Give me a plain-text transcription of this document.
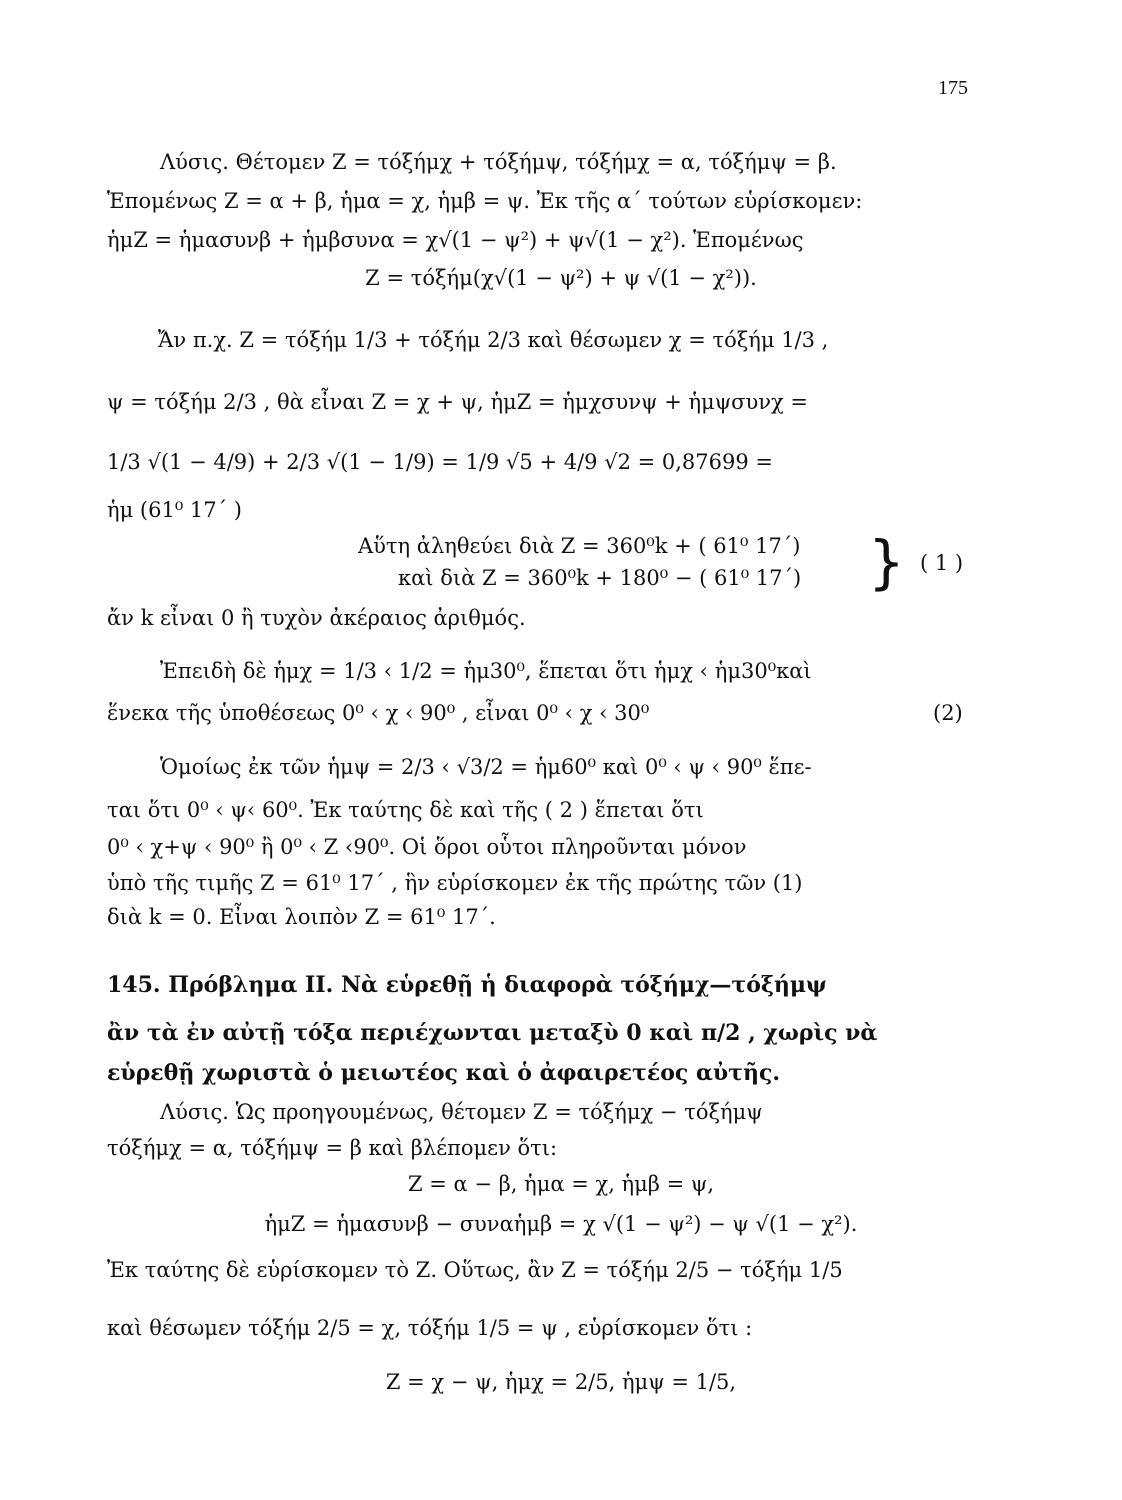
175
Λύσις. Θέτομεν Ζ = τόξήμχ + τόξήμψ, τόξήμχ = α, τόξήμψ = β.
Ἑπομένως Ζ = α + β, ἡμα = χ, ἡμβ = ψ. Ἐκ τῆς α΄ τούτων εὑρίσκομεν:
ἡμΖ = ἡμασυνβ + ἡμβσυνα = χ√(1 − ψ²) + ψ√(1 − χ²). Ἑπομένως
Ζ = τόξήμ(χ√(1 − ψ²) + ψ √(1 − χ²)).
Ἄν π.χ. Ζ = τόξήμ 1/3 + τόξήμ 2/3 καὶ θέσωμεν χ = τόξήμ 1/3 ,
ψ = τόξήμ 2/3 , θὰ εἶναι Ζ = χ + ψ, ἡμΖ = ἡμχσυνψ + ἡμψσυνχ =
1/3 √(1 − 4/9) + 2/3 √(1 − 1/9) = 1/9 √5 + 4/9 √2 = 0,87699 =
ἡμ (61⁰ 17΄ )
Αὕτη ἀληθεύει διὰ Ζ = 360⁰k + ( 61⁰ 17΄)
καὶ διὰ Ζ = 360⁰k + 180⁰ − ( 61⁰ 17΄) } ( 1 )
ἄν k εἶναι 0 ἢ τυχὸν ἀκέραιος ἀριθμός.
Ἐπειδὴ δὲ ἡμχ = 1/3 ‹ 1/2 = ἡμ30⁰, ἕπεται ὅτι ἡμχ ‹ ἡμ30⁰καὶ
ἕνεκα τῆς ὑποθέσεως 0⁰ ‹ χ ‹ 90⁰ , εἶναι 0⁰ ‹ χ ‹ 30⁰	(2)
Ὁμοίως ἐκ τῶν ἡμψ = 2/3 ‹ √3/2 = ἡμ60⁰ καὶ 0⁰ ‹ ψ ‹ 90⁰ ἕπε-
ται ὅτι 0⁰ ‹ ψ‹ 60⁰. Ἐκ ταύτης δὲ καὶ τῆς ( 2 ) ἕπεται ὅτι
0⁰ ‹ χ+ψ ‹ 90⁰ ἢ 0⁰ ‹ Ζ ‹90⁰. Οἱ ὅροι οὗτοι πληροῦνται μόνον
ὑπὸ τῆς τιμῆς Ζ = 61⁰ 17΄ , ἣν εὑρίσκομεν ἐκ τῆς πρώτης τῶν (1)
διὰ k = 0. Εἶναι λοιπὸν Ζ = 61⁰ 17΄.
145. Πρόβλημα ΙΙ. Νὰ εὑρεθῇ ἡ διαφορὰ τόξήμχ—τόξήμψ
ἂν τὰ ἐν αὐτῇ τόξα περιέχωνται μεταξὺ 0 καὶ π/2 , χωρὶς νὰ
εὑρεθῇ χωριστὰ ὁ μειωτέος καὶ ὁ ἀφαιρετέος αὐτῆς.
Λύσις. Ὡς προηγουμένως, θέτομεν Ζ = τόξήμχ − τόξήμψ
τόξήμχ = α, τόξήμψ = β καὶ βλέπομεν ὅτι:
Ζ = α − β, ἡμα = χ, ἡμβ = ψ,
ἡμΖ = ἡμασυνβ − συναἡμβ = χ √(1 − ψ²) − ψ √(1 − χ²).
Ἐκ ταύτης δὲ εὑρίσκομεν τὸ Ζ. Οὕτως, ἂν Ζ = τόξήμ 2/5 − τόξήμ 1/5
καὶ θέσωμεν τόξήμ 2/5 = χ, τόξήμ 1/5 = ψ , εὑρίσκομεν ὅτι :
Ζ = χ − ψ, ἡμχ = 2/5, ἡμψ = 1/5,
